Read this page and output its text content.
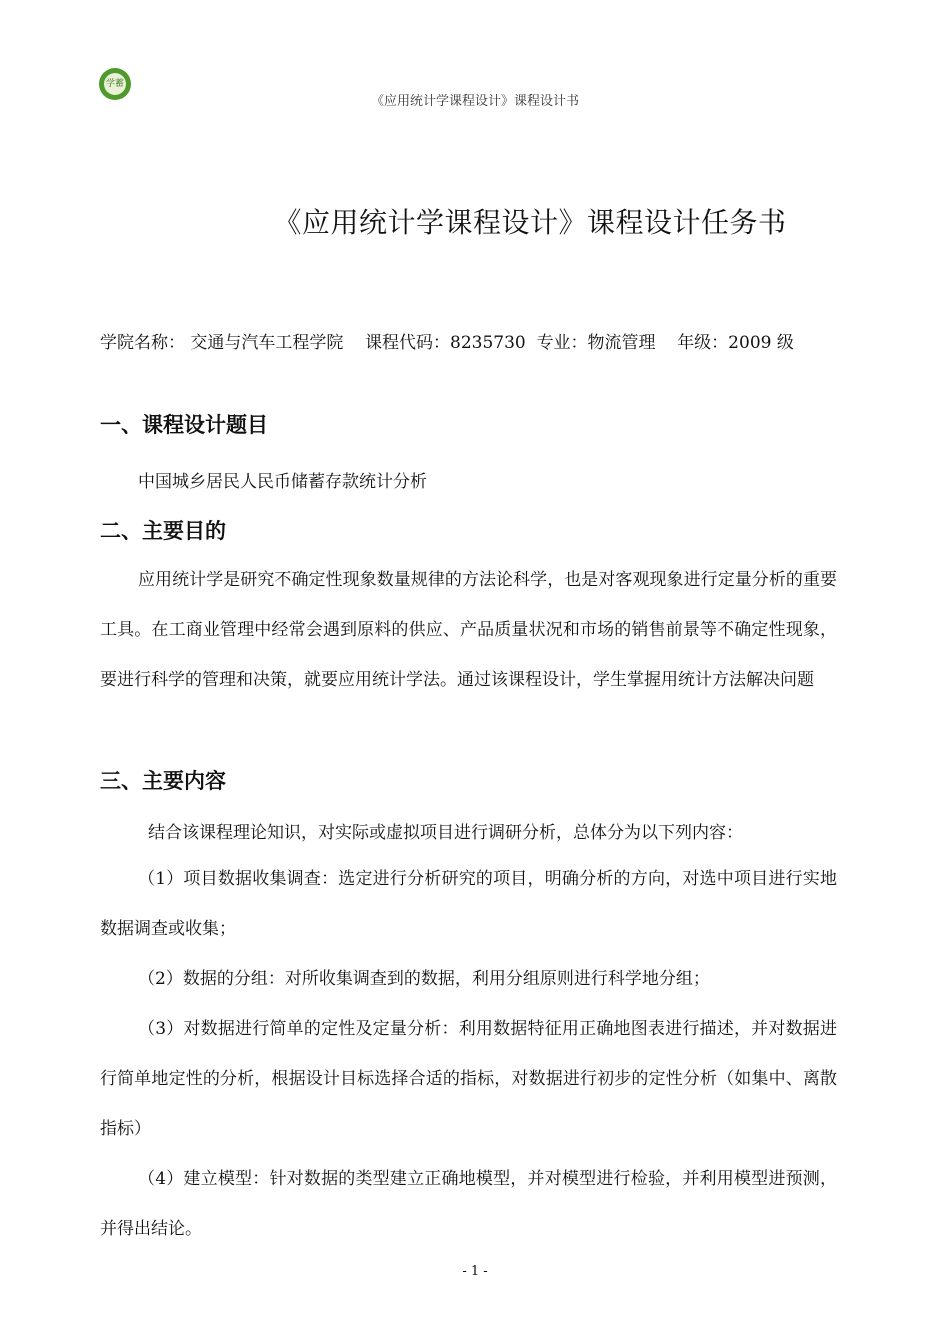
学蓄
《应用统计学课程设计》课程设计书
《应用统计学课程设计》课程设计任务书
学院名称： 交通与汽车工程学院 课程代码：8235730 专业：物流管理 年级：2009 级
一、课程设计题目
中国城乡居民人民币储蓄存款统计分析
二、主要目的
应用统计学是研究不确定性现象数量规律的方法论科学，也是对客观现象进行定量分析的重要工具。在工商业管理中经常会遇到原料的供应、产品质量状况和市场的销售前景等不确定性现象，要进行科学的管理和决策，就要应用统计学法。通过该课程设计，学生掌握用统计方法解决问题
三、主要内容
结合该课程理论知识，对实际或虚拟项目进行调研分析，总体分为以下列内容：
（1）项目数据收集调查：选定进行分析研究的项目，明确分析的方向，对选中项目进行实地数据调查或收集；
（2）数据的分组：对所收集调查到的数据，利用分组原则进行科学地分组；
（3）对数据进行简单的定性及定量分析：利用数据特征用正确地图表进行描述，并对数据进行简单地定性的分析，根据设计目标选择合适的指标，对数据进行初步的定性分析（如集中、离散指标）
（4）建立模型：针对数据的类型建立正确地模型，并对模型进行检验，并利用模型进预测，并得出结论。
- 1 -
